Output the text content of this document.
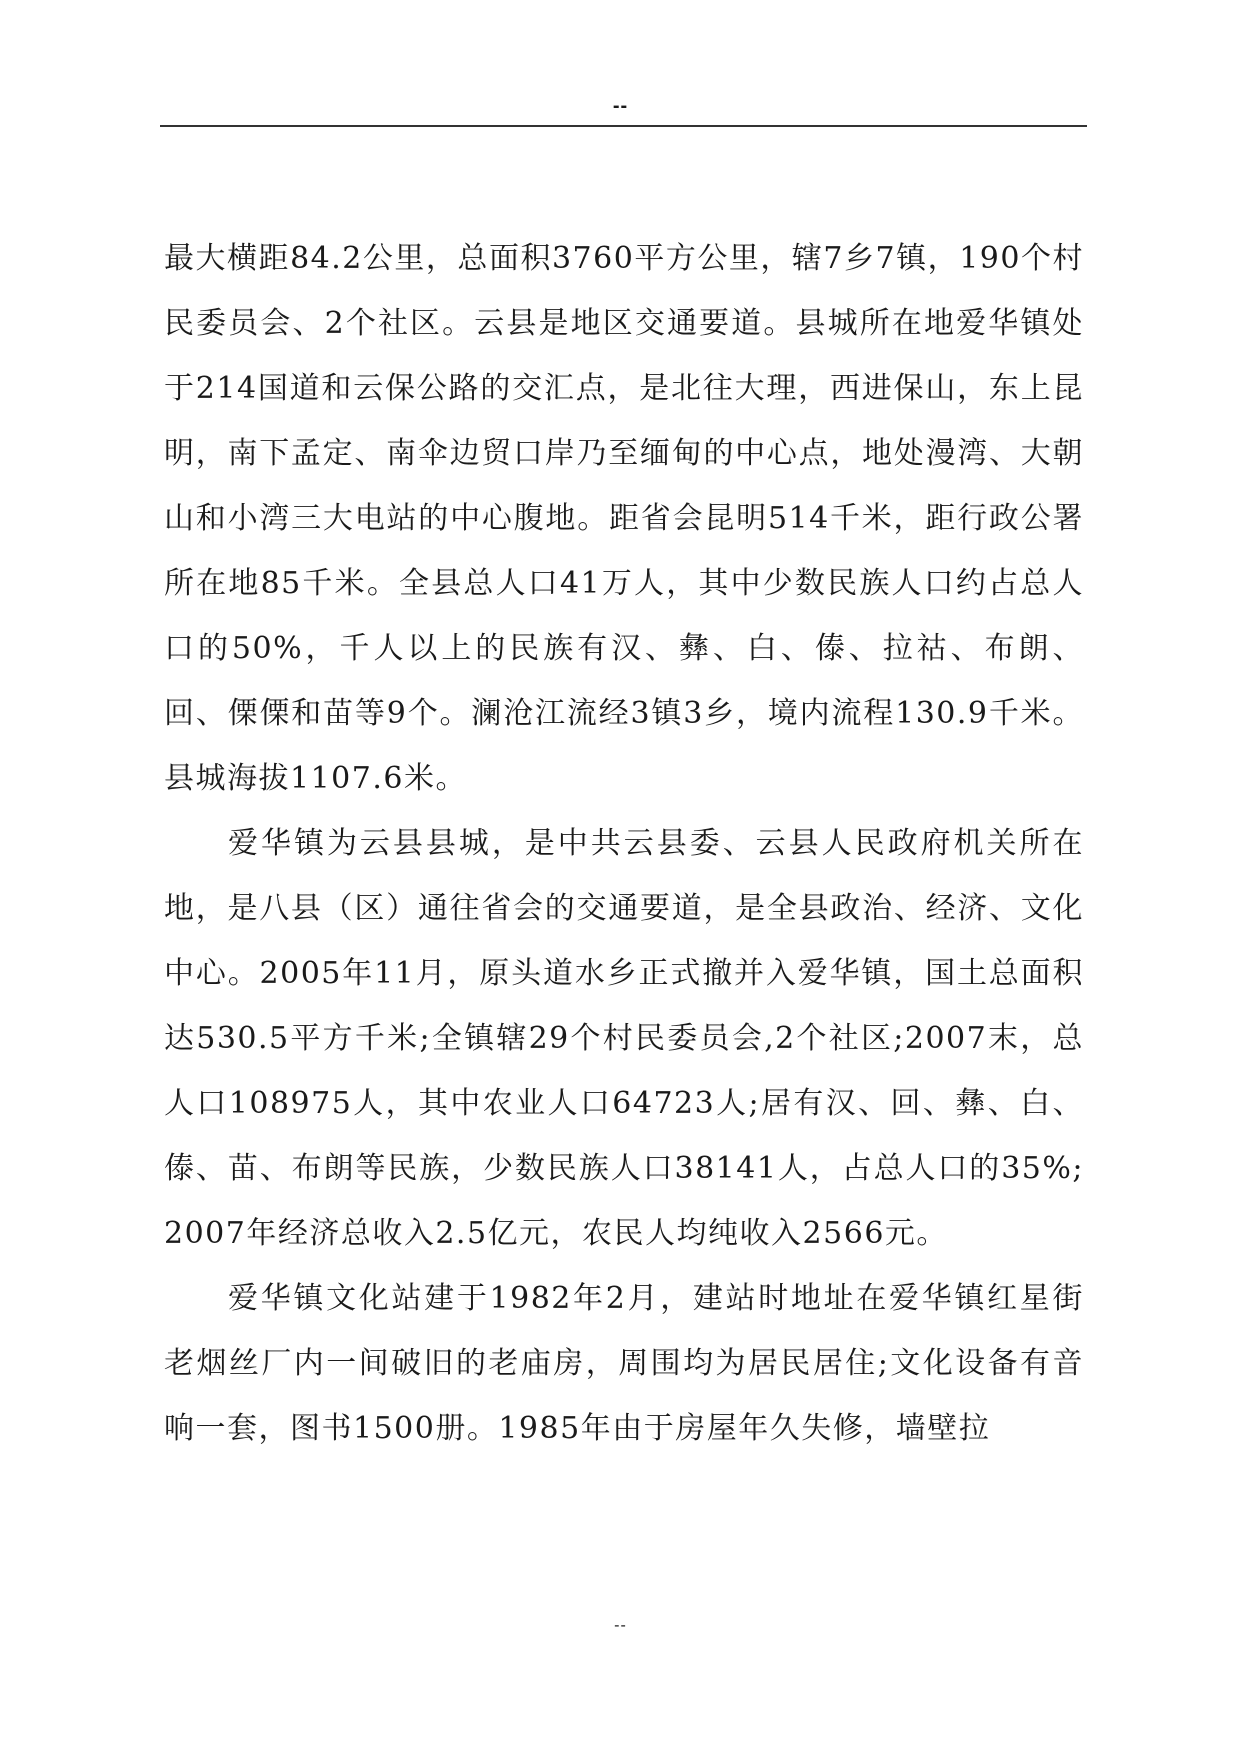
--

最大横距84.2公里，总面积3760平方公里，辖7乡7镇，190个村民委员会、2个社区。云县是地区交通要道。县城所在地爱华镇处于214国道和云保公路的交汇点，是北往大理，西进保山，东上昆明，南下孟定、南伞边贸口岸乃至缅甸的中心点，地处漫湾、大朝山和小湾三大电站的中心腹地。距省会昆明514千米，距行政公署所在地85千米。全县总人口41万人，其中少数民族人口约占总人口的50%，千人以上的民族有汉、彝、白、傣、拉祜、布朗、回、傈傈和苗等9个。澜沧江流经3镇3乡，境内流程130.9千米。县城海拔1107.6米。

爱华镇为云县县城，是中共云县委、云县人民政府机关所在地，是八县（区）通往省会的交通要道，是全县政治、经济、文化中心。2005年11月，原头道水乡正式撤并入爱华镇，国土总面积达530.5平方千米;全镇辖29个村民委员会,2个社区;2007末，总人口108975人，其中农业人口64723人;居有汉、回、彝、白、傣、苗、布朗等民族，少数民族人口38141人，占总人口的35%;2007年经济总收入2.5亿元，农民人均纯收入2566元。

爱华镇文化站建于1982年2月，建站时地址在爱华镇红星街老烟丝厂内一间破旧的老庙房，周围均为居民居住;文化设备有音响一套，图书1500册。1985年由于房屋年久失修，墙壁拉

--
